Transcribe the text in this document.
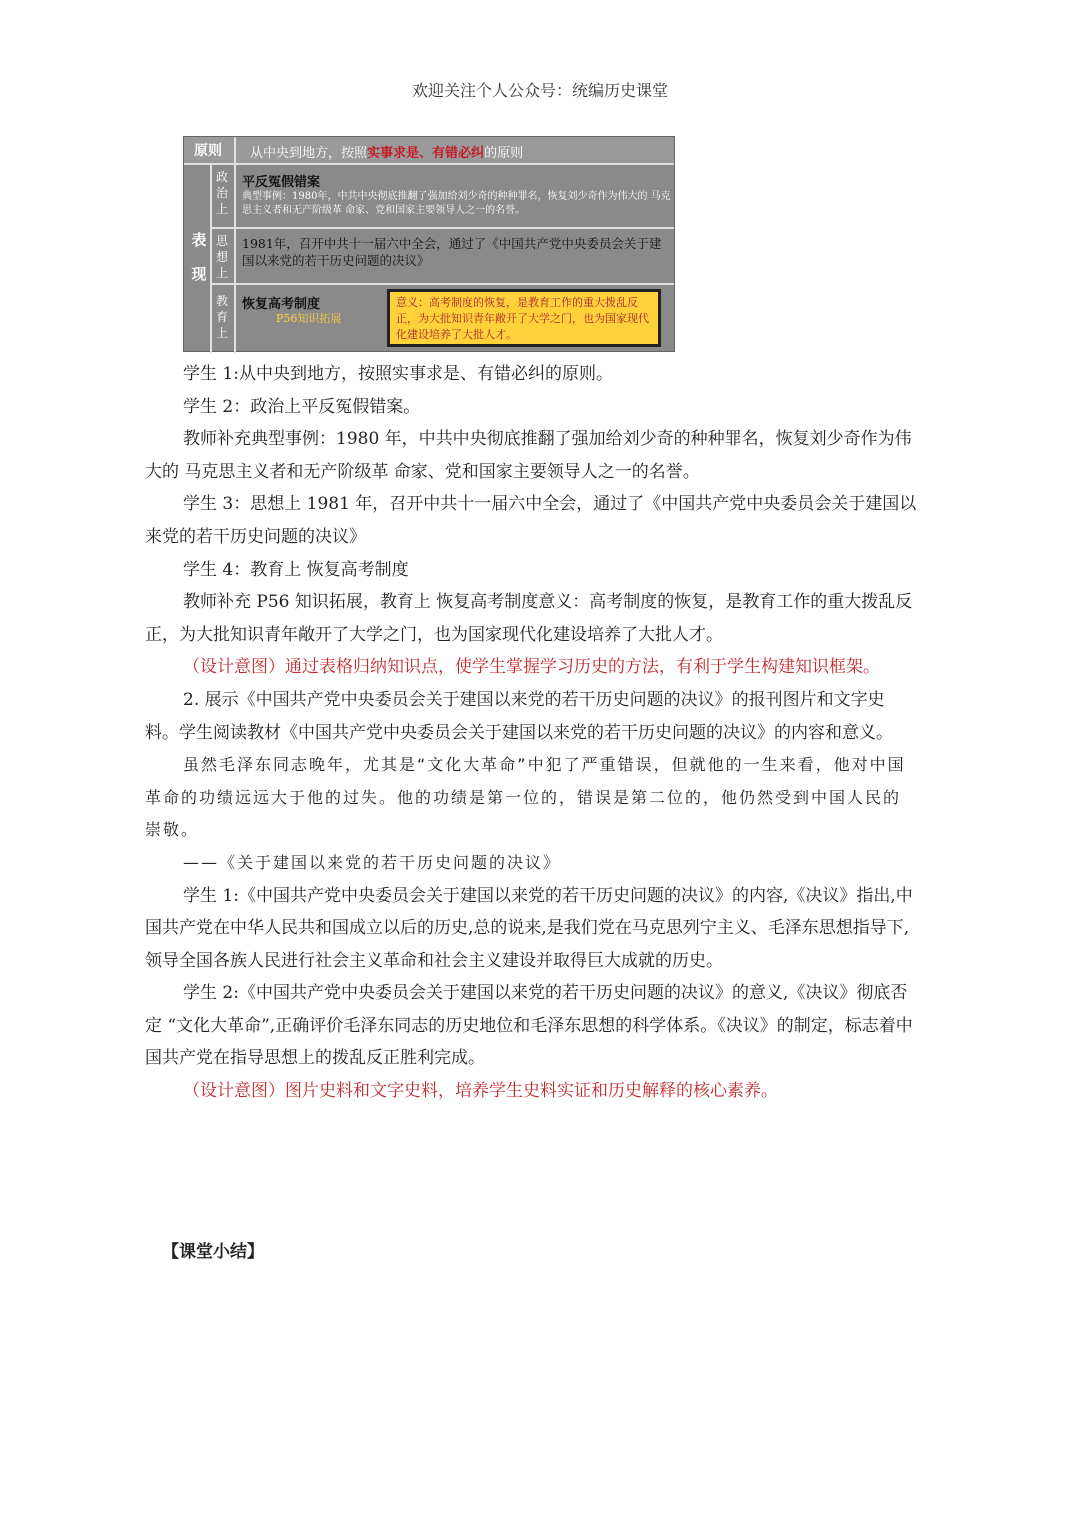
欢迎关注个人公众号：统编历史课堂
原则	从中央到地方，按照实事求是、有错必纠的原则
表
现
政
治
上
平反冤假错案
典型事例：1980年，中共中央彻底推翻了强加给刘少奇的种种罪名，恢复刘少奇作为伟大的 马克思主义者和无产阶级革 命家、党和国家主要领导人之一的名誉。
思
想
上
1981年，召开中共十一届六中全会，通过了《中国共产党中央委员会关于建国以来党的若干历史问题的决议》
教
育
上
恢复高考制度
P56知识拓展
意义：高考制度的恢复，是教育工作的重大拨乱反正，为大批知识青年敞开了大学之门，也为国家现代化建设培养了大批人才。

学生 1:从中央到地方，按照实事求是、有错必纠的原则。

学生 2：政治上平反冤假错案。

教师补充典型事例：1980 年，中共中央彻底推翻了强加给刘少奇的种种罪名，恢复刘少奇作为伟大的 马克思主义者和无产阶级革 命家、党和国家主要领导人之一的名誉。

学生 3：思想上 1981 年，召开中共十一届六中全会，通过了《中国共产党中央委员会关于建国以来党的若干历史问题的决议》

学生 4：教育上 恢复高考制度

教师补充 P56 知识拓展，教育上 恢复高考制度意义：高考制度的恢复，是教育工作的重大拨乱反正，为大批知识青年敞开了大学之门，也为国家现代化建设培养了大批人才。

（设计意图）通过表格归纳知识点，使学生掌握学习历史的方法，有利于学生构建知识框架。

2. 展示《中国共产党中央委员会关于建国以来党的若干历史问题的决议》的报刊图片和文字史料。学生阅读教材《中国共产党中央委员会关于建国以来党的若干历史问题的决议》的内容和意义。

虽然毛泽东同志晚年，尤其是“文化大革命”中犯了严重错误，但就他的一生来看，他对中国革命的功绩远远大于他的过失。他的功绩是第一位的，错误是第二位的，他仍然受到中国人民的崇敬。

——《关于建国以来党的若干历史问题的决议》

学生 1:《中国共产党中央委员会关于建国以来党的若干历史问题的决议》的内容,《决议》指出,中国共产党在中华人民共和国成立以后的历史,总的说来,是我们党在马克思列宁主义、毛泽东思想指导下,领导全国各族人民进行社会主义革命和社会主义建设并取得巨大成就的历史。

学生 2:《中国共产党中央委员会关于建国以来党的若干历史问题的决议》的意义,《决议》彻底否定 “文化大革命”,正确评价毛泽东同志的历史地位和毛泽东思想的科学体系。《决议》的制定，标志着中国共产党在指导思想上的拨乱反正胜利完成。

（设计意图）图片史料和文字史料，培养学生史料实证和历史解释的核心素养。

【课堂小结】
